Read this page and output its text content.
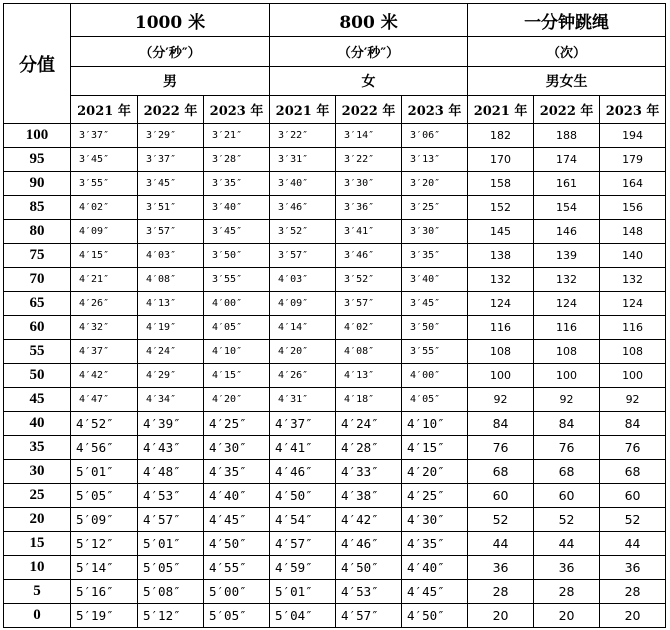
分值	1000 米			800 米			一分钟跳绳		
	（分′秒″）			（分′秒″）			（次）		
	男			女			男女生		
	2021 年	2022 年	2023 年	2021 年	2022 年	2023 年	2021 年	2022 年	2023 年
100	3′37″	3′29″	3′21″	3′22″	3′14″	3′06″	182	188	194
95	3′45″	3′37″	3′28″	3′31″	3′22″	3′13″	170	174	179
90	3′55″	3′45″	3′35″	3′40″	3′30″	3′20″	158	161	164
85	4′02″	3′51″	3′40″	3′46″	3′36″	3′25″	152	154	156
80	4′09″	3′57″	3′45″	3′52″	3′41″	3′30″	145	146	148
75	4′15″	4′03″	3′50″	3′57″	3′46″	3′35″	138	139	140
70	4′21″	4′08″	3′55″	4′03″	3′52″	3′40″	132	132	132
65	4′26″	4′13″	4′00″	4′09″	3′57″	3′45″	124	124	124
60	4′32″	4′19″	4′05″	4′14″	4′02″	3′50″	116	116	116
55	4′37″	4′24″	4′10″	4′20″	4′08″	3′55″	108	108	108
50	4′42″	4′29″	4′15″	4′26″	4′13″	4′00″	100	100	100
45	4′47″	4′34″	4′20″	4′31″	4′18″	4′05″	92	92	92
40	4′52″	4′39″	4′25″	4′37″	4′24″	4′10″	84	84	84
35	4′56″	4′43″	4′30″	4′41″	4′28″	4′15″	76	76	76
30	5′01″	4′48″	4′35″	4′46″	4′33″	4′20″	68	68	68
25	5′05″	4′53″	4′40″	4′50″	4′38″	4′25″	60	60	60
20	5′09″	4′57″	4′45″	4′54″	4′42″	4′30″	52	52	52
15	5′12″	5′01″	4′50″	4′57″	4′46″	4′35″	44	44	44
10	5′14″	5′05″	4′55″	4′59″	4′50″	4′40″	36	36	36
5	5′16″	5′08″	5′00″	5′01″	4′53″	4′45″	28	28	28
0	5′19″	5′12″	5′05″	5′04″	4′57″	4′50″	20	20	20
